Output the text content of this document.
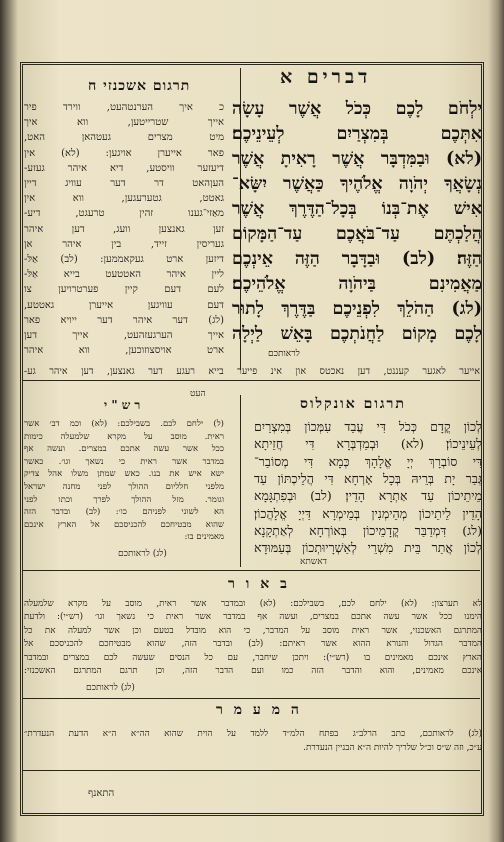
דברים א
תרגום אשכנזי ח
ילְחֹם לָכֶם כְּכֹל אֲשֶׁר עָשָׂה
אִתְּכֶם בְּמִצְרַיִם לְעֵינֵיכֶם׃
(לא) וּבַמִּדְבָּר אֲשֶׁר רָאִיתָ אֲשֶׁר
נְשָׂאֲךָ יְהֹוָה אֱלֹהֶיךָ כַּאֲשֶׁר יִשָּׂא־
אִישׁ אֶת־בְּנוֹ בְּכָל־הַדֶּרֶךְ אֲשֶׁר
הֲלַכְתֶּם עַד־בֹּאֲכֶם עַד־הַמָּקוֹם
הַזֶּה׃ (לב) וּבַדָּבָר הַזֶּה אֵינְכֶם
מַאֲמִינִם בַּיהֹוָה אֱלֹהֵיכֶם׃
(לג) הַהֹלֵךְ לִפְנֵיכֶם בַּדֶּרֶךְ לָתוּר
לָכֶם מָקוֹם לַחֲנֹתְכֶם בָּאֵשׁ לַיְלָה
לראותכם
כ איך הערנטהעט, ווירד פיר
אייך שטרייטען, ווא איך
מיט מצרים געטהאן האט,
פאר אייערן אויגען: (לא) אין
דיעזער וויסטע, דיא איהר געזע-
העןהאט דר דער עוויג דיין
גאטט, גטערעגען, ווא אין
מאַזי־גענו זהין טרעגט, דיע-
זען גאנצען וועג, דען איהר
געריסין זייד, בין איהר אן
דיזען ארט געקאממען: (לב) אַלּ-
ליין איהר האטטעט בייא אַלּ-
לעם דעם קיין פערטרויען צו
דעם עוויגען אייערן גאטטע,
(לג) דער איהר דער ייויא פאר
אייך הערגעזהעט, אייך דען
ארט אויסצוזוכען, ווא איהר
אייער לאגער קעננט, דען נאכטס און אינ פייער בייא רעגע דער גאנצען, דען איהר גע-
העט
תרגום אונקלוס
ר ש " י
לְכוֹן קֳדָם כְּכֹל דִּי עֲבַד עִמְּכוֹן בְּמִצְרַיִם
לְעֵינֵיכוֹן׃ (לא) וּבְמַדְבְּרָא דִּי חֲזֵיתָא
דִּי סוֹבְרָךְ יְיָ אֱלָהָךְ כְּמָא דִּי מְסוֹבַר־
גְּבַר יָת בְּרֵיהּ בְּכָל אָרְחָא דִּי הֲלֵיכְתּוֹן עַד
מֵיתֵיכוֹן עַד אַתְרָא הָדֵין׃ (לב) וּבְפִתְגָּמָא
הָדֵין לֵיתֵיכוֹן מְהֵימְנִין בְּמֵימְרָא דַּיְיָ אֱלָהֲכוֹן׃
(לג) דִּמְדַבַּר קֳדָמֵיכוֹן בְּאוֹרְחָא לְאַתְקָנָא
לְכוֹן אֲתַר בֵּית מִשְׁרֵי לְאַשְׁרָיוּתְכוֹן בְּעַמּוּדָא
דאשתא
(ל) ילחם לכם. בשבילכם: (לא) וכמ דב׳ אשר
ראית. מוסב על מקרא שלמעלה כימות
ככל אשר עשה אתכם במצרים. ועשה אף
במדבר אשר ראית כי נשאך וגו׳. כאשר
ישא איש את בנו. כאש שמתן משלו אהל צדיק
מלפני חלליום ההולך לפני מחנה ישראל
וגומר. מזל ההולך לפרך וכתו לפני
הא לשוני לפניהם כו׳: (לב) ובדבר הזה
שהוא מבטיחכם להכניסכם אל הארץ אינכם
מאמינים בו:
(לג) לראותכם
ב א ו ר
לא תערצון: (לא) ילחם לכם, בשבילכם: (לא) ובמדבר אשר ראית, מוסב על מקרא שלמעלה
הימנו ככל אשר עשה אתכם במצרים, ועשה אף במדבר אשר ראית כי נשאך וגו׳ (רש״י): ולדעת
המתרגם האשכנזי, אשר ראית מוסב על המדבר, כי הוא מובדל בטעם וכן אשר למעלה את כל
המדבר הגדול והנורא ההוא אשר ראיתם: (לב) ובדבר הזה, שהוא מבטיחכם להכניסכם אל
הארץ אינכם מאמינים בו (רש״י): ויתכן שיחבר, עם כל הנסים שעשה לכם במצרים ובמדבר
אינכם מאמינים, והוא והדבר הזה כמו ועם הדבר הזה, וכן תרגם המתרגם האשכנזי:
(לג) לראותכם
ה מ ע מ ר
(לג) לראותכם, כתב הרלב״ג בפתח הלמ״ד ללמד על הוית שהוא הה״א ה״א הדעת הנעדרת״
ע״כ, וזה ש״ס וכ״ל שלריך להיות ה״א הבניין הנעדרת.
התאנף
